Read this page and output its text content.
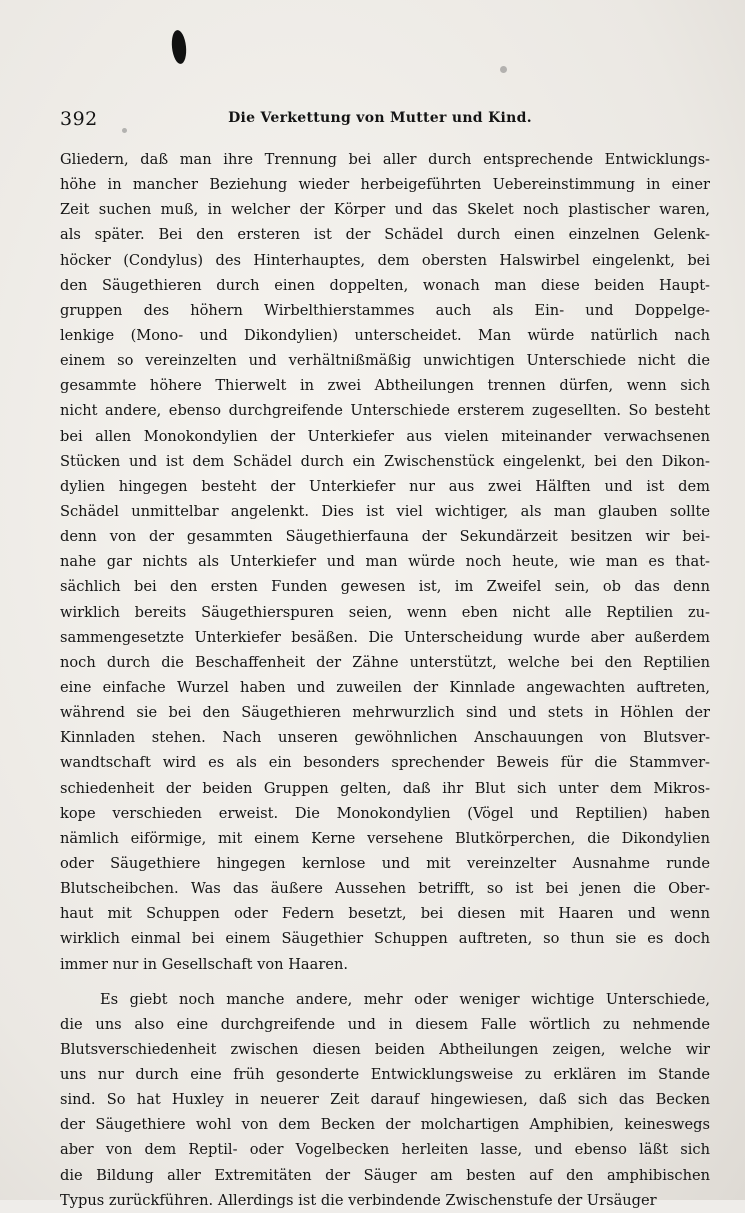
392	Die Verkettung von Mutter und Kind.
Gliedern, daß man ihre Trennung bei aller durch entsprechende Entwicklungs-
höhe in mancher Beziehung wieder herbeigeführten Uebereinstimmung in einer
Zeit suchen muß, in welcher der Körper und das Skelet noch plastischer waren,
als später. Bei den ersteren ist der Schädel durch einen einzelnen Gelenk-
höcker (Condylus) des Hinterhauptes, dem obersten Halswirbel eingelenkt, bei
den Säugethieren durch einen doppelten, wonach man diese beiden Haupt-
gruppen des höhern Wirbelthierstammes auch als Ein- und Doppelge-
lenkige (Mono- und Dikondylien) unterscheidet. Man würde natürlich nach
einem so vereinzelten und verhältnißmäßig unwichtigen Unterschiede nicht die
gesammte höhere Thierwelt in zwei Abtheilungen trennen dürfen, wenn sich
nicht andere, ebenso durchgreifende Unterschiede ersterem zugesellten. So besteht
bei allen Monokondylien der Unterkiefer aus vielen miteinander verwachsenen
Stücken und ist dem Schädel durch ein Zwischenstück eingelenkt, bei den Dikon-
dylien hingegen besteht der Unterkiefer nur aus zwei Hälften und ist dem
Schädel unmittelbar angelenkt. Dies ist viel wichtiger, als man glauben sollte
denn von der gesammten Säugethierfauna der Sekundärzeit besitzen wir bei-
nahe gar nichts als Unterkiefer und man würde noch heute, wie man es that-
sächlich bei den ersten Funden gewesen ist, im Zweifel sein, ob das denn
wirklich bereits Säugethierspuren seien, wenn eben nicht alle Reptilien zu-
sammengesetzte Unterkiefer besäßen. Die Unterscheidung wurde aber außerdem
noch durch die Beschaffenheit der Zähne unterstützt, welche bei den Reptilien
eine einfache Wurzel haben und zuweilen der Kinnlade angewachten auftreten,
während sie bei den Säugethieren mehrwurzlich sind und stets in Höhlen der
Kinnladen stehen. Nach unseren gewöhnlichen Anschauungen von Blutsver-
wandtschaft wird es als ein besonders sprechender Beweis für die Stammver-
schiedenheit der beiden Gruppen gelten, daß ihr Blut sich unter dem Mikros-
kope verschieden erweist. Die Monokondylien (Vögel und Reptilien) haben
nämlich eiförmige, mit einem Kerne versehene Blutkörperchen, die Dikondylien
oder Säugethiere hingegen kernlose und mit vereinzelter Ausnahme runde
Blutscheibchen. Was das äußere Aussehen betrifft, so ist bei jenen die Ober-
haut mit Schuppen oder Federn besetzt, bei diesen mit Haaren und wenn
wirklich einmal bei einem Säugethier Schuppen auftreten, so thun sie es doch
immer nur in Gesellschaft von Haaren.
Es giebt noch manche andere, mehr oder weniger wichtige Unterschiede,
die uns also eine durchgreifende und in diesem Falle wörtlich zu nehmende
Blutsverschiedenheit zwischen diesen beiden Abtheilungen zeigen, welche wir
uns nur durch eine früh gesonderte Entwicklungsweise zu erklären im Stande
sind. So hat Huxley in neuerer Zeit darauf hingewiesen, daß sich das Becken
der Säugethiere wohl von dem Becken der molchartigen Amphibien, keineswegs
aber von dem Reptil- oder Vogelbecken herleiten lasse, und ebenso läßt sich
die Bildung aller Extremitäten der Säuger am besten auf den amphibischen
Typus zurückführen. Allerdings ist die verbindende Zwischenstufe der Ursäuger
